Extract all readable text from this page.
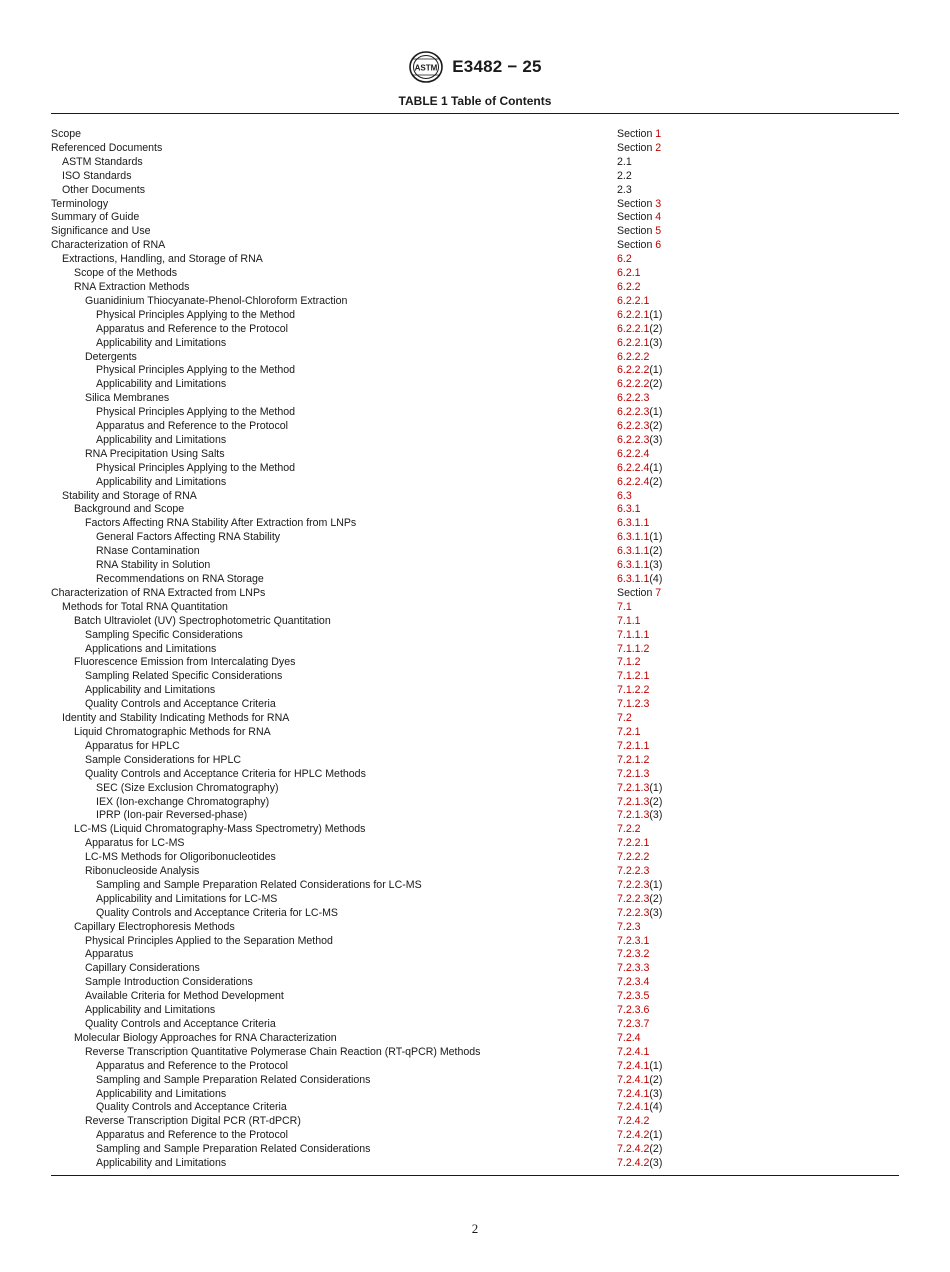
ASTM E3482 − 25
TABLE 1 Table of Contents
Scope	Section 1
Referenced Documents	Section 2
ASTM Standards	2.1
ISO Standards	2.2
Other Documents	2.3
Terminology	Section 3
Summary of Guide	Section 4
Significance and Use	Section 5
Characterization of RNA	Section 6
Extractions, Handling, and Storage of RNA	6.2
Scope of the Methods	6.2.1
RNA Extraction Methods	6.2.2
Guanidinium Thiocyanate-Phenol-Chloroform Extraction	6.2.2.1
Physical Principles Applying to the Method	6.2.2.1(1)
Apparatus and Reference to the Protocol	6.2.2.1(2)
Applicability and Limitations	6.2.2.1(3)
Detergents	6.2.2.2
Physical Principles Applying to the Method	6.2.2.2(1)
Applicability and Limitations	6.2.2.2(2)
Silica Membranes	6.2.2.3
Physical Principles Applying to the Method	6.2.2.3(1)
Apparatus and Reference to the Protocol	6.2.2.3(2)
Applicability and Limitations	6.2.2.3(3)
RNA Precipitation Using Salts	6.2.2.4
Physical Principles Applying to the Method	6.2.2.4(1)
Applicability and Limitations	6.2.2.4(2)
Stability and Storage of RNA	6.3
Background and Scope	6.3.1
Factors Affecting RNA Stability After Extraction from LNPs	6.3.1.1
General Factors Affecting RNA Stability	6.3.1.1(1)
RNase Contamination	6.3.1.1(2)
RNA Stability in Solution	6.3.1.1(3)
Recommendations on RNA Storage	6.3.1.1(4)
Characterization of RNA Extracted from LNPs	Section 7
Methods for Total RNA Quantitation	7.1
Batch Ultraviolet (UV) Spectrophotometric Quantitation	7.1.1
Sampling Specific Considerations	7.1.1.1
Applications and Limitations	7.1.1.2
Fluorescence Emission from Intercalating Dyes	7.1.2
Sampling Related Specific Considerations	7.1.2.1
Applicability and Limitations	7.1.2.2
Quality Controls and Acceptance Criteria	7.1.2.3
Identity and Stability Indicating Methods for RNA	7.2
Liquid Chromatographic Methods for RNA	7.2.1
Apparatus for HPLC	7.2.1.1
Sample Considerations for HPLC	7.2.1.2
Quality Controls and Acceptance Criteria for HPLC Methods	7.2.1.3
SEC (Size Exclusion Chromatography)	7.2.1.3(1)
IEX (Ion-exchange Chromatography)	7.2.1.3(2)
IPRP (Ion-pair Reversed-phase)	7.2.1.3(3)
LC-MS (Liquid Chromatography-Mass Spectrometry) Methods	7.2.2
Apparatus for LC-MS	7.2.2.1
LC-MS Methods for Oligoribonucleotides	7.2.2.2
Ribonucleoside Analysis	7.2.2.3
Sampling and Sample Preparation Related Considerations for LC-MS	7.2.2.3(1)
Applicability and Limitations for LC-MS	7.2.2.3(2)
Quality Controls and Acceptance Criteria for LC-MS	7.2.2.3(3)
Capillary Electrophoresis Methods	7.2.3
Physical Principles Applied to the Separation Method	7.2.3.1
Apparatus	7.2.3.2
Capillary Considerations	7.2.3.3
Sample Introduction Considerations	7.2.3.4
Available Criteria for Method Development	7.2.3.5
Applicability and Limitations	7.2.3.6
Quality Controls and Acceptance Criteria	7.2.3.7
Molecular Biology Approaches for RNA Characterization	7.2.4
Reverse Transcription Quantitative Polymerase Chain Reaction (RT-qPCR) Methods	7.2.4.1
Apparatus and Reference to the Protocol	7.2.4.1(1)
Sampling and Sample Preparation Related Considerations	7.2.4.1(2)
Applicability and Limitations	7.2.4.1(3)
Quality Controls and Acceptance Criteria	7.2.4.1(4)
Reverse Transcription Digital PCR (RT-dPCR)	7.2.4.2
Apparatus and Reference to the Protocol	7.2.4.2(1)
Sampling and Sample Preparation Related Considerations	7.2.4.2(2)
Applicability and Limitations	7.2.4.2(3)
2
